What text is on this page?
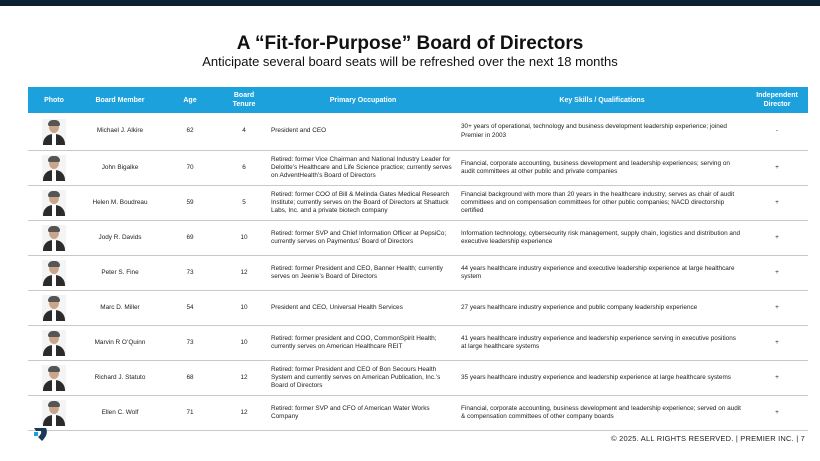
A “Fit-for-Purpose” Board of Directors
Anticipate several board seats will be refreshed over the next 18 months
Photo	Board Member	Age	Board Tenure	Primary Occupation	Key Skills / Qualifications	Independent Director

	Michael J. Alkire	62	4	President and CEO	30+ years of operational, technology and business development leadership experience; joined Premier in 2003	-

	John Bigalke	70	6	Retired: former Vice Chairman and National Industry Leader for Deloitte’s Healthcare and Life Science practice; currently serves on AdventHealth’s Board of Directors	Financial, corporate accounting, business development and leadership experiences; serving on audit committees at other public and private companies	+

	Helen M. Boudreau	59	5	Retired: former COO of Bill & Melinda Gates Medical Research Institute; currently serves on the Board of Directors at Shattuck Labs, Inc. and a private biotech company	Financial background with more than 20 years in the healthcare industry; serves as chair of audit committees and on compensation committees for other public companies; NACD directorship certified	+

	Jody R. Davids	69	10	Retired: former SVP and Chief Information Officer at PepsiCo; currently serves on Paymentus’ Board of Directors	Information technology, cybersecurity risk management, supply chain, logistics and distribution and executive leadership experience	+

	Peter S. Fine	73	12	Retired: former President and CEO, Banner Health; currently serves on Jeenie’s Board of Directors	44 years healthcare industry experience and executive leadership experience at large healthcare system	+

	Marc D. Miller	54	10	President and CEO, Universal Health Services	27 years healthcare industry experience and public company leadership experience	+

	Marvin R O’Quinn	73	10	Retired: former president and COO, CommonSpirit Health; currently serves on American Healthcare REIT	41 years healthcare industry experience and leadership experience serving in executive positions at large healthcare systems	+

	Richard J. Statuto	68	12	Retired: former President and CEO of Bon Secours Health System and currently serves on American Publication, Inc.’s Board of Directors	35 years healthcare industry experience and leadership experience at large healthcare systems	+

	Ellen C. Wolf	71	12	Retired: former SVP and CFO of American Water Works Company	Financial, corporate accounting, business development and leadership experience; served on audit & compensation committees of other company boards	+
© 2025. ALL RIGHTS RESERVED. | PREMIER INC. | 7
